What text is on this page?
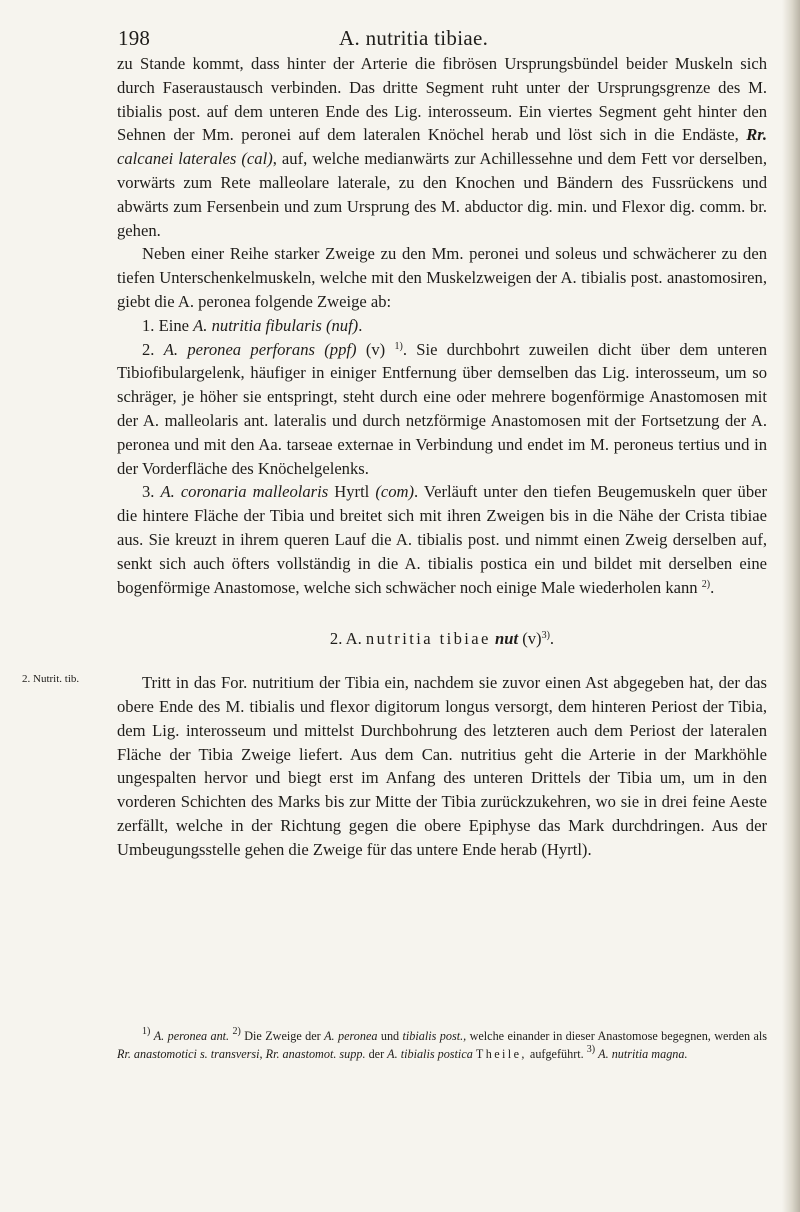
198	A. nutritia tibiae.

zu Stande kommt, dass hinter der Arterie die fibrösen Ursprungsbündel beider Muskeln sich durch Faseraustausch verbinden. Das dritte Segment ruht unter der Ursprungsgrenze des M. tibialis post. auf dem unteren Ende des Lig. interosseum. Ein viertes Segment geht hinter den Sehnen der Mm. peronei auf dem lateralen Knöchel herab und löst sich in die Endäste, Rr. calcanei laterales (cal), auf, welche medianwärts zur Achillessehne und dem Fett vor derselben, vorwärts zum Rete malleolare laterale, zu den Knochen und Bändern des Fussrückens und abwärts zum Fersenbein und zum Ursprung des M. abductor dig. min. und Flexor dig. comm. br. gehen.

Neben einer Reihe starker Zweige zu den Mm. peronei und soleus und schwächerer zu den tiefen Unterschenkelmuskeln, welche mit den Muskelzweigen der A. tibialis post. anastomosiren, giebt die A. peronea folgende Zweige ab:

1. Eine A. nutritia fibularis (nuf).

2. A. peronea perforans (ppf) (v) $^{1)}$. Sie durchbohrt zuweilen dicht über dem unteren Tibiofibulargelenk, häufiger in einiger Entfernung über demselben das Lig. interosseum, um so schräger, je höher sie entspringt, steht durch eine oder mehrere bogenförmige Anastomosen mit der A. malleolaris ant. lateralis und durch netzförmige Anastomosen mit der Fortsetzung der A. peronea und mit den Aa. tarseae externae in Verbindung und endet im M. peroneus tertius und in der Vorderfläche des Knöchelgelenks.

3. A. coronaria malleolaris Hyrtl (com). Verläuft unter den tiefen Beugemuskeln quer über die hintere Fläche der Tibia und breitet sich mit ihren Zweigen bis in die Nähe der Crista tibiae aus. Sie kreuzt in ihrem queren Lauf die A. tibialis post. und nimmt einen Zweig derselben auf, senkt sich auch öfters vollständig in die A. tibialis postica ein und bildet mit derselben eine bogenförmige Anastomose, welche sich schwächer noch einige Male wiederholen kann $^{2)}$.

2. A. nutritia tibiae nut $(v)^{3)}$.

Tritt in das For. nutritium der Tibia ein, nachdem sie zuvor einen Ast abgegeben hat, der das obere Ende des M. tibialis und flexor digitorum longus versorgt, dem hinteren Periost der Tibia, dem Lig. interosseum und mittelst Durchbohrung des letzteren auch dem Periost der lateralen Fläche der Tibia Zweige liefert. Aus dem Can. nutritius geht die Arterie in der Markhöhle ungespalten hervor und biegt erst im Anfang des unteren Drittels der Tibia um, um in den vorderen Schichten des Marks bis zur Mitte der Tibia zurückzukehren, wo sie in drei feine Aeste zerfällt, welche in der Richtung gegen die obere Epiphyse das Mark durchdringen. Aus der Umbeugungsstelle gehen die Zweige für das untere Ende herab (Hyrtl).

2. Nutrit. tib.

$^{1)}$ A. peronea ant. $^{2)}$ Die Zweige der A. peronea und tibialis post., welche einander in dieser Anastomose begegnen, werden als Rr. anastomotici s. transversi, Rr. anastomot. supp. der A. tibialis postica Theile, aufgeführt. $^{3)}$ A. nutritia magna.
